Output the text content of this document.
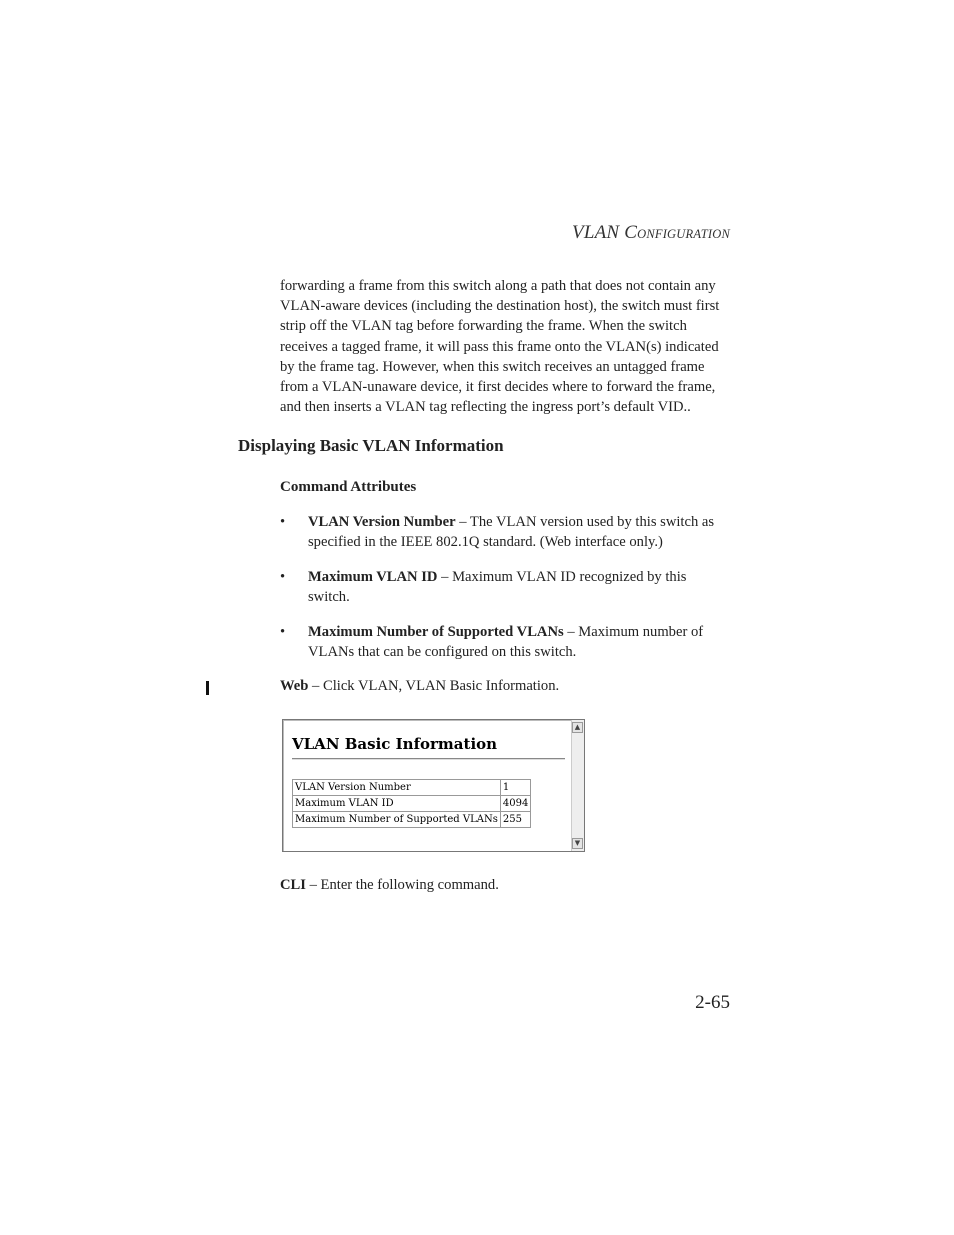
VLAN CONFIGURATION

forwarding a frame from this switch along a path that does not contain any VLAN-aware devices (including the destination host), the switch must first strip off the VLAN tag before forwarding the frame. When the switch receives a tagged frame, it will pass this frame onto the VLAN(s) indicated by the frame tag. However, when this switch receives an untagged frame from a VLAN-unaware device, it first decides where to forward the frame, and then inserts a VLAN tag reflecting the ingress port’s default VID..

Displaying Basic VLAN Information
Command Attributes
• VLAN Version Number – The VLAN version used by this switch as specified in the IEEE 802.1Q standard. (Web interface only.)
• Maximum VLAN ID – Maximum VLAN ID recognized by this switch.
• Maximum Number of Supported VLANs – Maximum number of VLANs that can be configured on this switch.
Web – Click VLAN, VLAN Basic Information.
VLAN Basic Information
VLAN Version Number	1
Maximum VLAN ID	4094
Maximum Number of Supported VLANs	255
▲
▼
CLI – Enter the following command.
2-65
